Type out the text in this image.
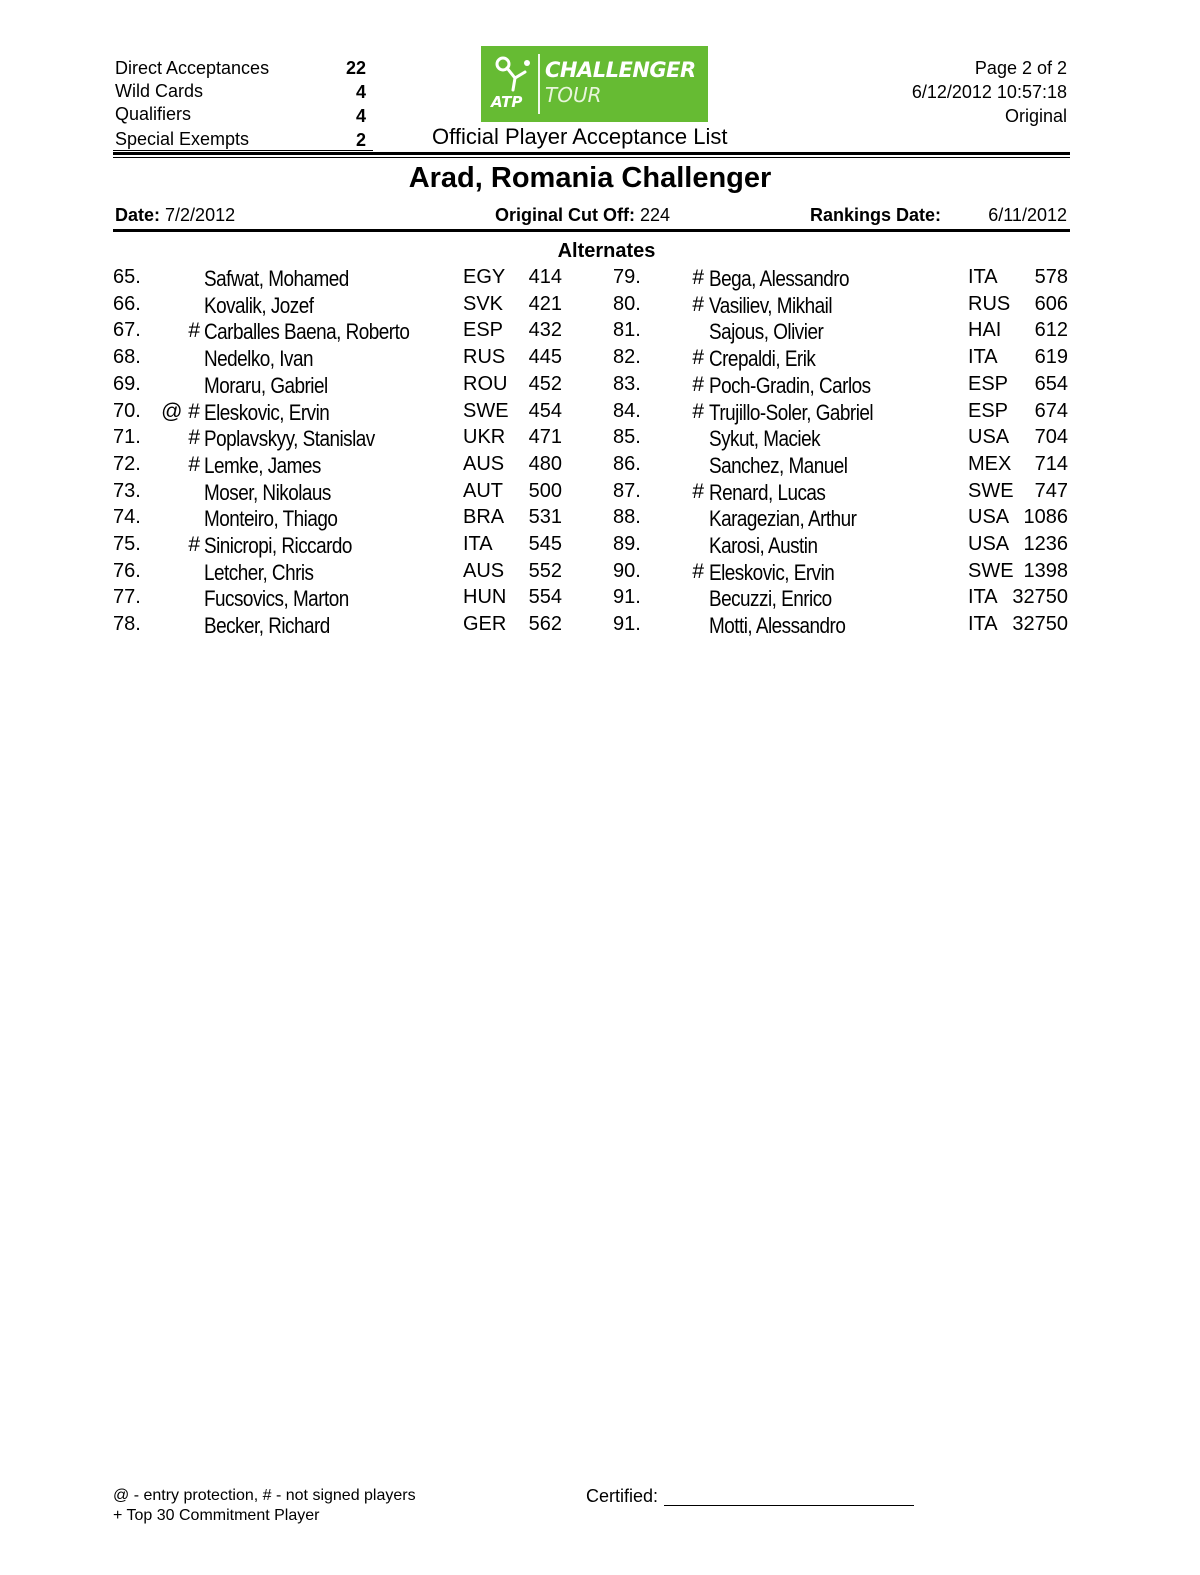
Direct Acceptances	22
Wild Cards	4
Qualifiers	4
Special Exempts	2
ATP
CHALLENGER
TOUR
Official Player Acceptance List
Page 2 of 2
6/12/2012 10:57:18
Original
Arad, Romania Challenger
Date: 7/2/2012	Original Cut Off: 224	Rankings Date:	6/11/2012
Alternates
65.	Safwat, Mohamed	EGY	414
66.	Kovalik, Jozef	SVK	421
67.	# Carballes Baena, Roberto	ESP	432
68.	Nedelko, Ivan	RUS	445
69.	Moraru, Gabriel	ROU	452
70. @ # Eleskovic, Ervin	SWE	454
71.	# Poplavskyy, Stanislav	UKR	471
72.	# Lemke, James	AUS	480
73.	Moser, Nikolaus	AUT	500
74.	Monteiro, Thiago	BRA	531
75.	# Sinicropi, Riccardo	ITA	545
76.	Letcher, Chris	AUS	552
77.	Fucsovics, Marton	HUN	554
78.	Becker, Richard	GER	562
79.	# Bega, Alessandro	ITA	578
80.	# Vasiliev, Mikhail	RUS	606
81.	Sajous, Olivier	HAI	612
82.	# Crepaldi, Erik	ITA	619
83.	# Poch-Gradin, Carlos	ESP	654
84.	# Trujillo-Soler, Gabriel	ESP	674
85.	Sykut, Maciek	USA	704
86.	Sanchez, Manuel	MEX	714
87.	# Renard, Lucas	SWE	747
88.	Karagezian, Arthur	USA 1086
89.	Karosi, Austin	USA 1236
90.	# Eleskovic, Ervin	SWE 1398
91.	Becuzzi, Enrico	ITA 32750
91.	Motti, Alessandro	ITA 32750
@ - entry protection, # - not signed players
+ Top 30 Commitment Player
Certified:
